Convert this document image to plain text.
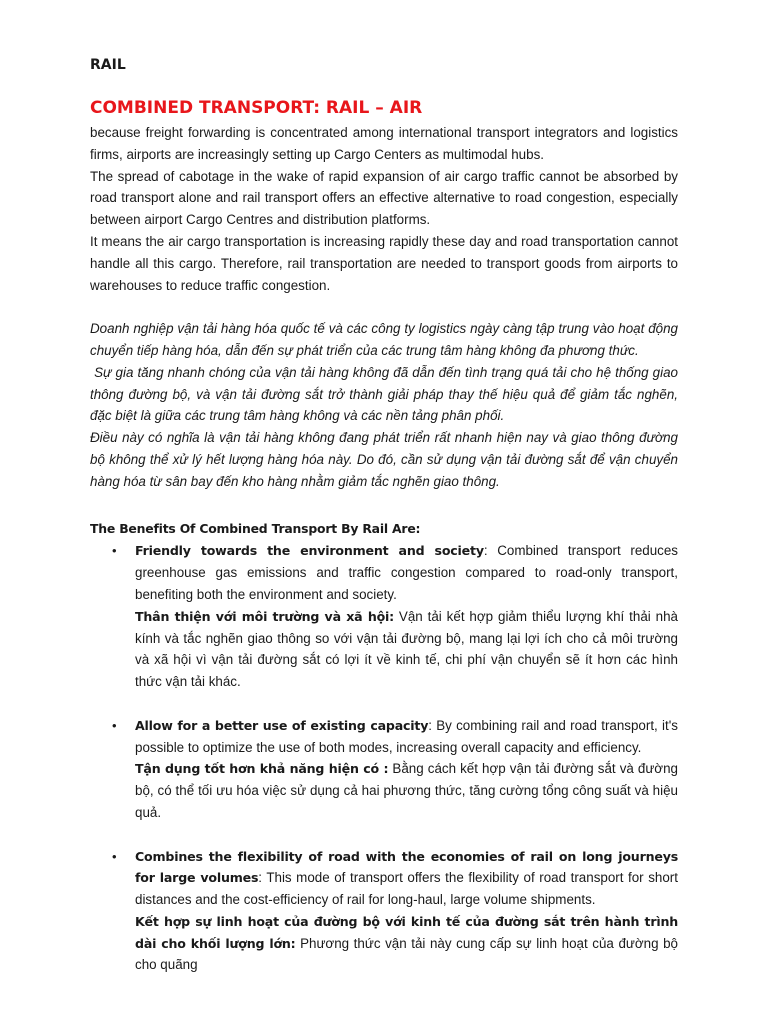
RAIL
COMBINED TRANSPORT: RAIL – AIR

because freight forwarding is concentrated among international transport integrators and logistics firms, airports are increasingly setting up Cargo Centers as multimodal hubs.

The spread of cabotage in the wake of rapid expansion of air cargo traffic cannot be absorbed by road transport alone and rail transport offers an effective alternative to road congestion, especially between airport Cargo Centres and distribution platforms.

It means the air cargo transportation is increasing rapidly these day and road transportation cannot handle all this cargo. Therefore, rail transportation are needed to transport goods from airports to warehouses to reduce traffic congestion.

Doanh nghiệp vận tải hàng hóa quốc tế và các công ty logistics ngày càng tập trung vào hoạt động chuyển tiếp hàng hóa, dẫn đến sự phát triển của các trung tâm hàng không đa phương thức.

Sự gia tăng nhanh chóng của vận tải hàng không đã dẫn đến tình trạng quá tải cho hệ thống giao thông đường bộ, và vận tải đường sắt trở thành giải pháp thay thế hiệu quả để giảm tắc nghẽn, đặc biệt là giữa các trung tâm hàng không và các nền tảng phân phối.

Điều này có nghĩa là vận tải hàng không đang phát triển rất nhanh hiện nay và giao thông đường bộ không thể xử lý hết lượng hàng hóa này. Do đó, cần sử dụng vận tải đường sắt để vận chuyển hàng hóa từ sân bay đến kho hàng nhằm giảm tắc nghẽn giao thông.

The Benefits Of Combined Transport By Rail Are:
• Friendly towards the environment and society: Combined transport reduces greenhouse gas emissions and traffic congestion compared to road-only transport, benefiting both the environment and society.

Thân thiện với môi trường và xã hội: Vận tải kết hợp giảm thiểu lượng khí thải nhà kính và tắc nghẽn giao thông so với vận tải đường bộ, mang lại lợi ích cho cả môi trường và xã hội vì vận tải đường sắt có lợi ít về kinh tế, chi phí vận chuyển sẽ ít hơn các hình thức vận tải khác.

• Allow for a better use of existing capacity: By combining rail and road transport, it's possible to optimize the use of both modes, increasing overall capacity and efficiency.

Tận dụng tốt hơn khả năng hiện có : Bằng cách kết hợp vận tải đường sắt và đường bộ, có thể tối ưu hóa việc sử dụng cả hai phương thức, tăng cường tổng công suất và hiệu quả.

• Combines the flexibility of road with the economies of rail on long journeys for large volumes: This mode of transport offers the flexibility of road transport for short distances and the cost-efficiency of rail for long-haul, large volume shipments.

Kết hợp sự linh hoạt của đường bộ với kinh tế của đường sắt trên hành trình dài cho khối lượng lớn: Phương thức vận tải này cung cấp sự linh hoạt của đường bộ cho quãng
